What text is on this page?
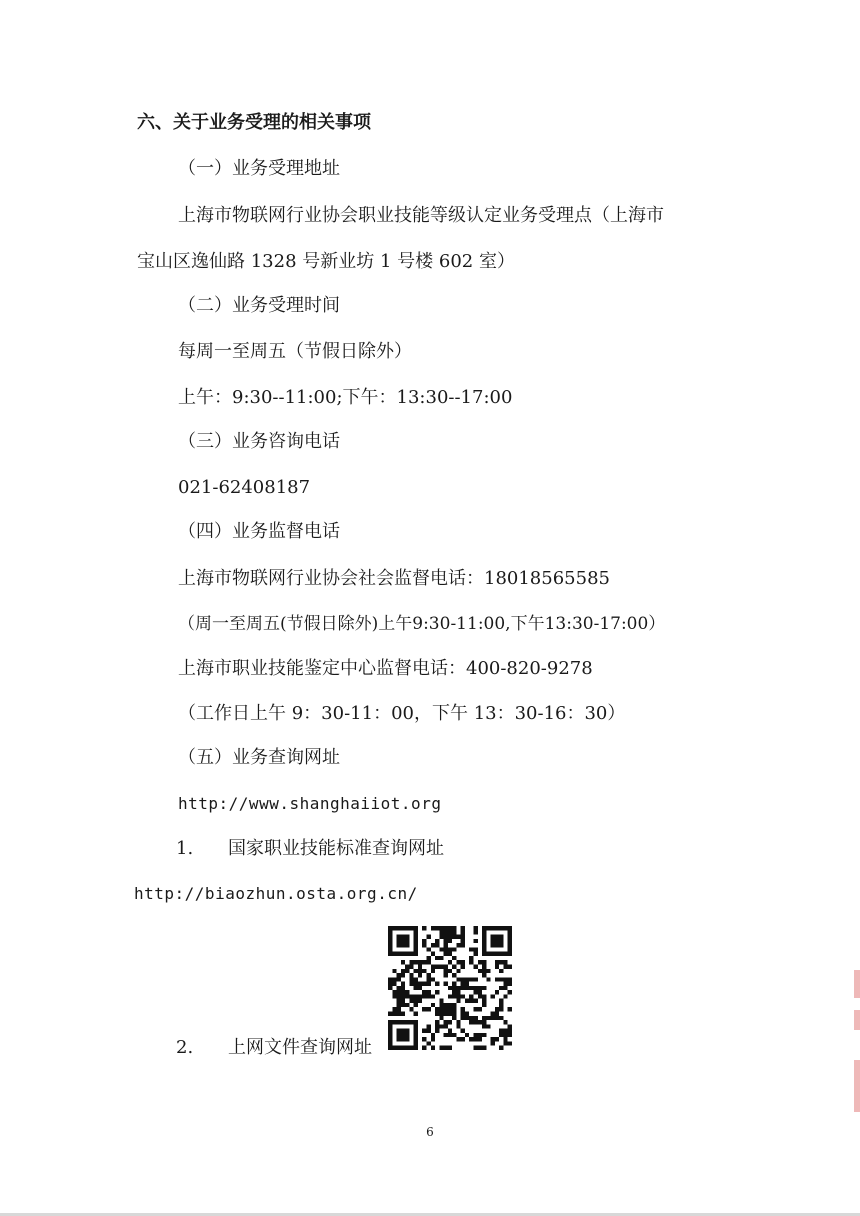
六、关于业务受理的相关事项
（一）业务受理地址
上海市物联网行业协会职业技能等级认定业务受理点（上海市
宝山区逸仙路 1328 号新业坊 1 号楼 602 室）
（二）业务受理时间
每周一至周五（节假日除外）
上午：9:30--11:00;下午：13:30--17:00
（三）业务咨询电话
021-62408187
（四）业务监督电话
上海市物联网行业协会社会监督电话：18018565585
（周一至周五(节假日除外)上午9:30-11:00,下午13:30-17:00）
上海市职业技能鉴定中心监督电话：400-820-9278
（工作日上午 9：30-11：00，下午 13：30-16：30）
（五）业务查询网址
http://www.shanghaiiot.org
1. 国家职业技能标准查询网址
http://biaozhun.osta.org.cn/
2. 上网文件查询网址
6
